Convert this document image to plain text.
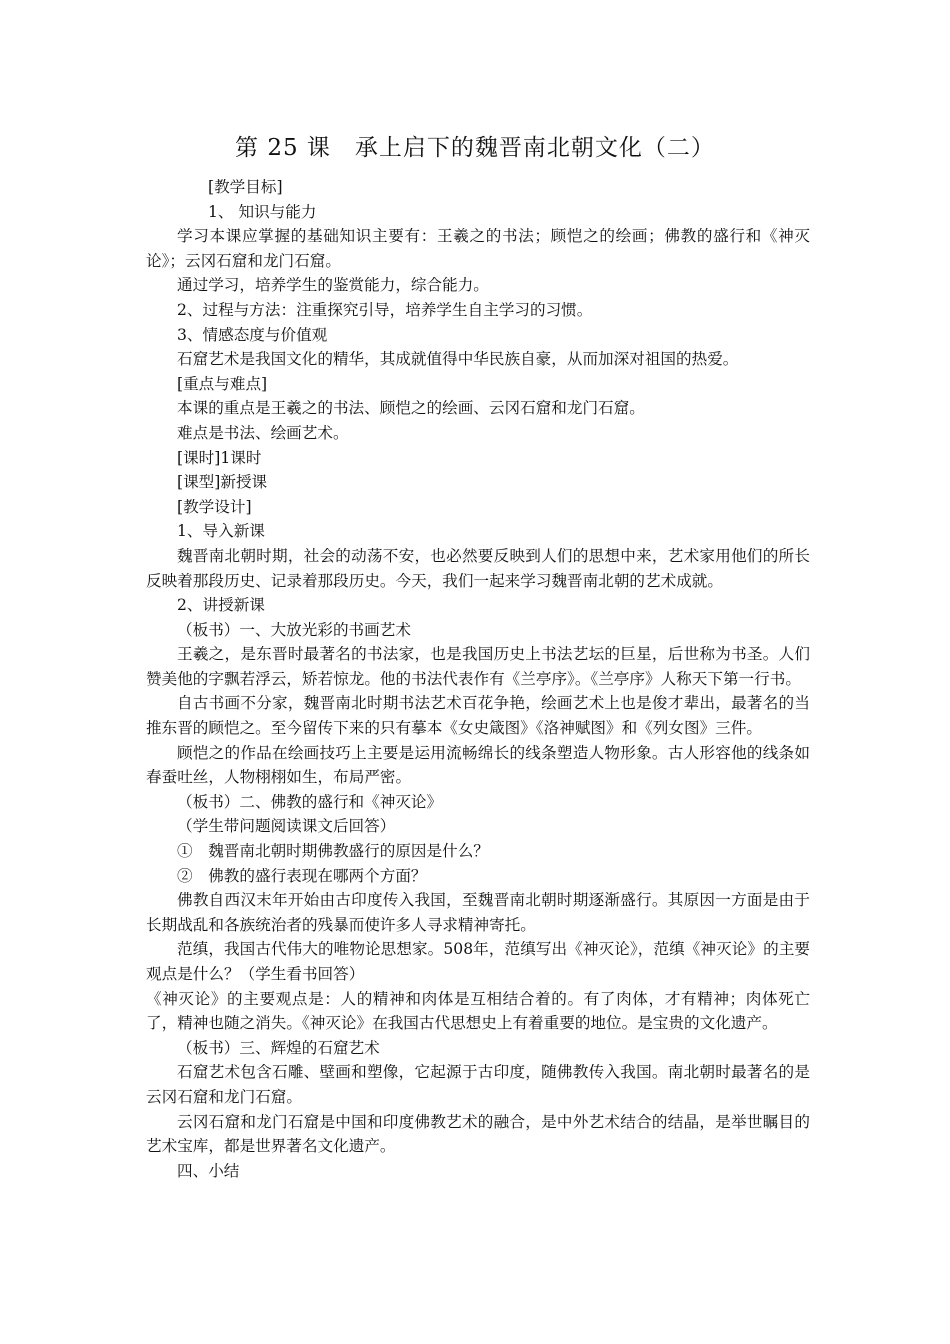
第 25 课　承上启下的魏晋南北朝文化（二）

[教学目标]

1、 知识与能力

学习本课应掌握的基础知识主要有：王羲之的书法；顾恺之的绘画；佛教的盛行和《神灭论》；云冈石窟和龙门石窟。

通过学习，培养学生的鉴赏能力，综合能力。

2、过程与方法：注重探究引导，培养学生自主学习的习惯。

3、情感态度与价值观

石窟艺术是我国文化的精华，其成就值得中华民族自豪，从而加深对祖国的热爱。

[重点与难点]

本课的重点是王羲之的书法、顾恺之的绘画、云冈石窟和龙门石窟。

难点是书法、绘画艺术。

[课时]1课时

[课型]新授课

[教学设计]

1、导入新课

魏晋南北朝时期，社会的动荡不安，也必然要反映到人们的思想中来，艺术家用他们的所长反映着那段历史、记录着那段历史。今天，我们一起来学习魏晋南北朝的艺术成就。

2、讲授新课

（板书）一、大放光彩的书画艺术

王羲之，是东晋时最著名的书法家，也是我国历史上书法艺坛的巨星，后世称为书圣。人们赞美他的字飘若浮云，矫若惊龙。他的书法代表作有《兰亭序》。《兰亭序》人称天下第一行书。

自古书画不分家，魏晋南北时期书法艺术百花争艳，绘画艺术上也是俊才辈出，最著名的当推东晋的顾恺之。至今留传下来的只有摹本《女史箴图》《洛神赋图》和《列女图》三件。

顾恺之的作品在绘画技巧上主要是运用流畅绵长的线条塑造人物形象。古人形容他的线条如春蚕吐丝，人物栩栩如生，布局严密。

（板书）二、佛教的盛行和《神灭论》

（学生带问题阅读课文后回答）

①　魏晋南北朝时期佛教盛行的原因是什么？

②　佛教的盛行表现在哪两个方面？

佛教自西汉末年开始由古印度传入我国，至魏晋南北朝时期逐渐盛行。其原因一方面是由于长期战乱和各族统治者的残暴而使许多人寻求精神寄托。

范缜，我国古代伟大的唯物论思想家。508年，范缜写出《神灭论》，范缜《神灭论》的主要观点是什么？（学生看书回答）

《神灭论》的主要观点是：人的精神和肉体是互相结合着的。有了肉体，才有精神；肉体死亡了，精神也随之消失。《神灭论》在我国古代思想史上有着重要的地位。是宝贵的文化遗产。

（板书）三、辉煌的石窟艺术

石窟艺术包含石雕、壁画和塑像，它起源于古印度，随佛教传入我国。南北朝时最著名的是云冈石窟和龙门石窟。

云冈石窟和龙门石窟是中国和印度佛教艺术的融合，是中外艺术结合的结晶，是举世瞩目的艺术宝库，都是世界著名文化遗产。

四、小结
